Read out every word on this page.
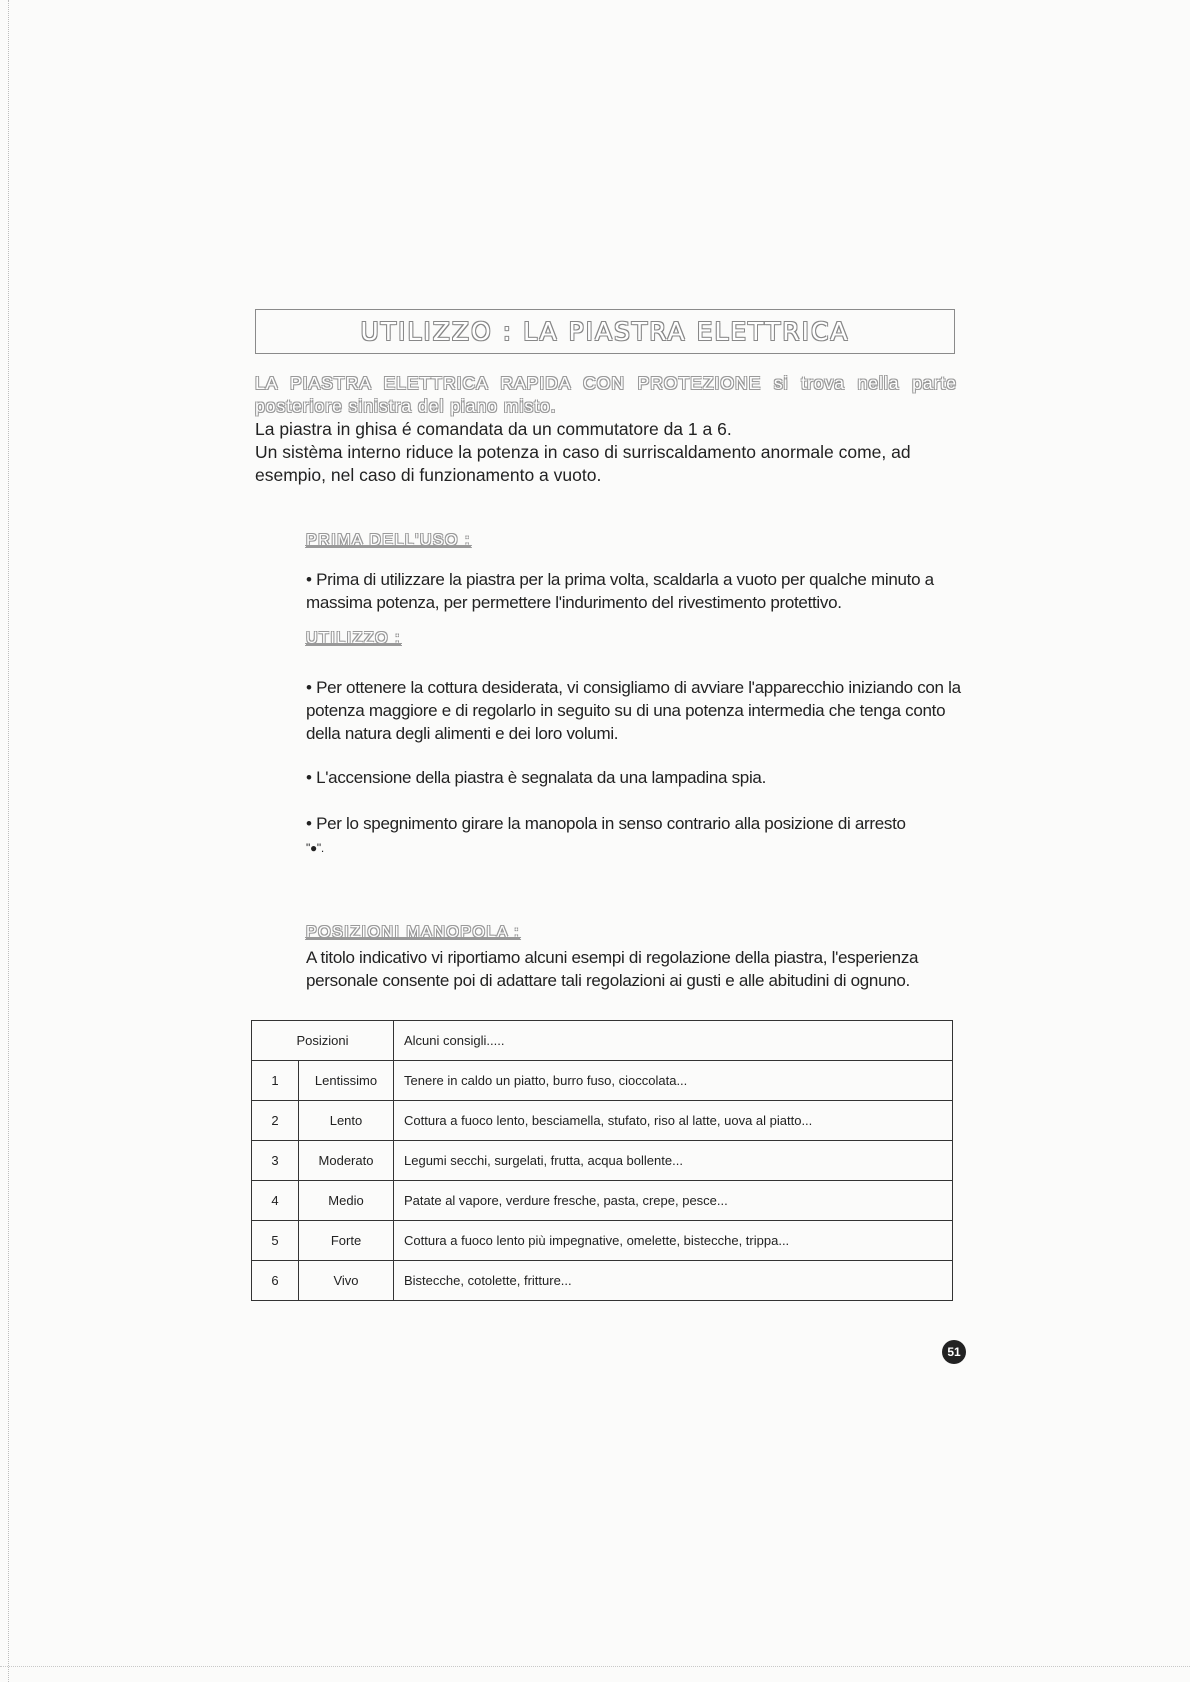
UTILIZZO : LA PIASTRA ELETTRICA
LA PIASTRA ELETTRICA RAPIDA CON PROTEZIONE si trova nella parte posteriore sinistra del piano misto.
La piastra in ghisa é comandata da un commutatore da 1 a 6.
Un sistèma interno riduce la potenza in caso di surriscaldamento anormale come, ad esempio, nel caso di funzionamento a vuoto.
PRIMA DELL'USO :
• Prima di utilizzare la piastra per la prima volta, scaldarla a vuoto per qualche minuto a massima potenza, per permettere l'indurimento del rivestimento protettivo.
UTILIZZO :
• Per ottenere la cottura desiderata, vi consigliamo di avviare l'apparecchio iniziando con la potenza maggiore e di regolarlo in seguito su di una potenza intermedia che tenga conto della natura degli alimenti e dei loro volumi.
• L'accensione della piastra è segnalata da una lampadina spia.
• Per lo spegnimento girare la manopola in senso contrario alla posizione di arresto
"●".
POSIZIONI MANOPOLA :
A titolo indicativo vi riportiamo alcuni esempi di regolazione della piastra, l'esperienza personale consente poi di adattare tali regolazioni ai gusti e alle abitudini di ognuno.
Posizioni		Alcuni consigli.....
1	Lentissimo	Tenere in caldo un piatto, burro fuso, cioccolata...
2	Lento	Cottura a fuoco lento, besciamella, stufato, riso al latte, uova al piatto...
3	Moderato	Legumi secchi, surgelati, frutta, acqua bollente...
4	Medio	Patate al vapore, verdure fresche, pasta, crepe, pesce...
5	Forte	Cottura a fuoco lento più impegnative, omelette, bistecche, trippa...
6	Vivo	Bistecche, cotolette, fritture...
51
